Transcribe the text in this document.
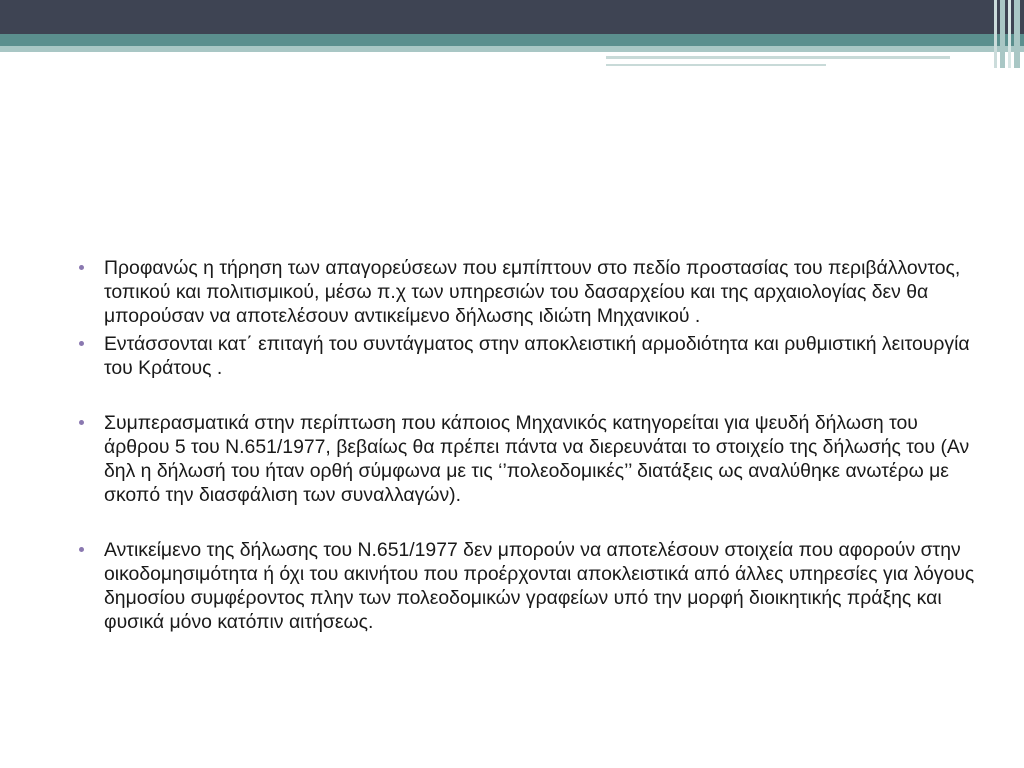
Προφανώς η τήρηση των απαγορεύσεων που εμπίπτουν στο πεδίο προστασίας του περιβάλλοντος, τοπικού και πολιτισμικού, μέσω π.χ των υπηρεσιών του δασαρχείου και της αρχαιολογίας δεν θα μπορούσαν να αποτελέσουν αντικείμενο δήλωσης ιδιώτη Μηχανικού .
Εντάσσονται κατ΄ επιταγή του συντάγματος στην αποκλειστική αρμοδιότητα και ρυθμιστική λειτουργία του Κράτους .
Συμπερασματικά στην περίπτωση που κάποιος Μηχανικός κατηγορείται για ψευδή δήλωση του άρθρου 5 του Ν.651/1977, βεβαίως θα πρέπει πάντα να διερευνάται το στοιχείο της δήλωσής του (Αν δηλ η δήλωσή του ήταν ορθή σύμφωνα με τις ‘’πολεοδομικές’’ διατάξεις ως αναλύθηκε ανωτέρω με σκοπό την διασφάλιση των συναλλαγών).
Αντικείμενο της δήλωσης του Ν.651/1977 δεν μπορούν να αποτελέσουν στοιχεία που αφορούν στην οικοδομησιμότητα ή όχι του ακινήτου που προέρχονται αποκλειστικά από άλλες υπηρεσίες για λόγους δημοσίου συμφέροντος πλην των πολεοδομικών γραφείων υπό την μορφή διοικητικής πράξης και φυσικά μόνο κατόπιν αιτήσεως.
